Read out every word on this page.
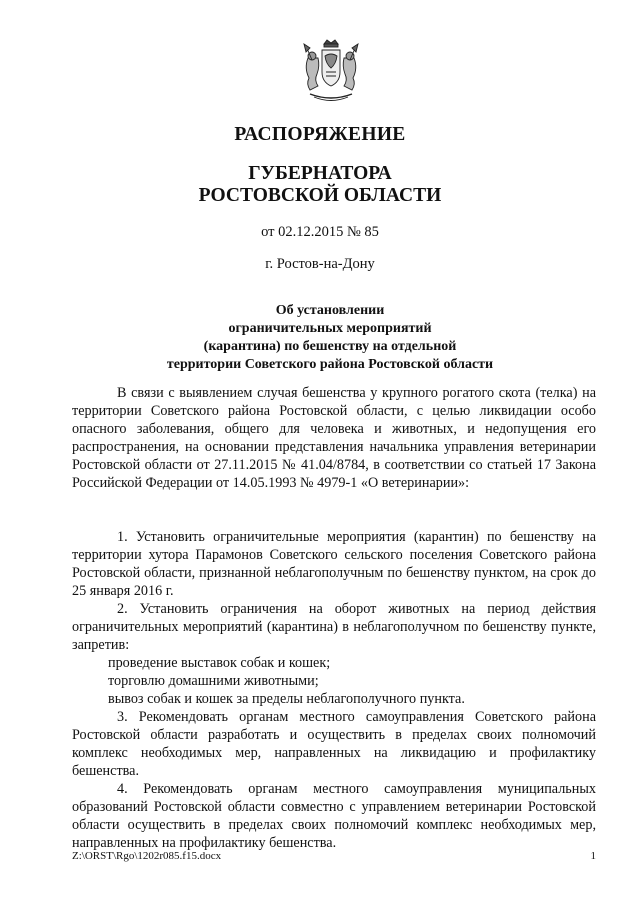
РАСПОРЯЖЕНИЕ
ГУБЕРНАТОРА
РОСТОВСКОЙ ОБЛАСТИ
от 02.12.2015 № 85
г. Ростов-на-Дону
Об установлении
ограничительных мероприятий
(карантина) по бешенству на отдельной
территории Советского района Ростовской области

В связи с выявлением случая бешенства у крупного рогатого скота (телка) на территории Советского района Ростовской области, с целью ликвидации особо опасного заболевания, общего для человека и животных, и недопущения его распространения, на основании представления начальника управления ветеринарии Ростовской области от 27.11.2015 № 41.04/8784, в соответствии со статьей 17 Закона Российской Федерации от 14.05.1993 № 4979-1 «О ветеринарии»:

1. Установить ограничительные мероприятия (карантин) по бешенству на территории хутора Парамонов Советского сельского поселения Советского района Ростовской области, признанной неблагополучным по бешенству пунктом, на срок до 25 января 2016 г.

2. Установить ограничения на оборот животных на период действия ограничительных мероприятий (карантина) в неблагополучном по бешенству пункте, запретив:

проведение выставок собак и кошек;

торговлю домашними животными;

вывоз собак и кошек за пределы неблагополучного пункта.

3. Рекомендовать органам местного самоуправления Советского района Ростовской области разработать и осуществить в пределах своих полномочий комплекс необходимых мер, направленных на ликвидацию и профилактику бешенства.

4. Рекомендовать органам местного самоуправления муниципальных образований Ростовской области совместно с управлением ветеринарии Ростовской области осуществить в пределах своих полномочий комплекс необходимых мер, направленных на профилактику бешенства.

Z:\ORST\Rgo\1202r085.f15.docx	1
